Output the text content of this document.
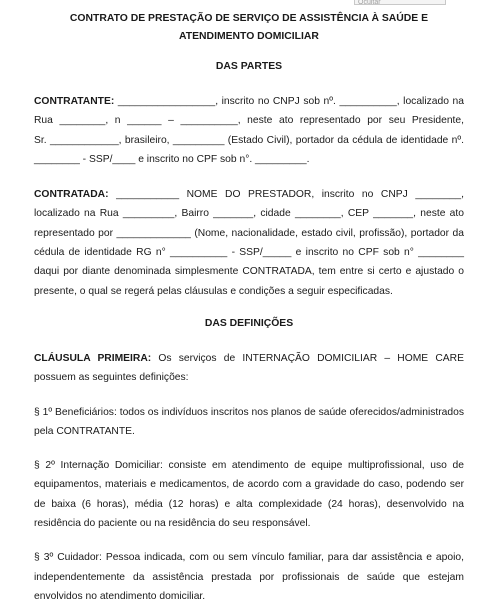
Ocultar
CONTRATO DE PRESTAÇÃO DE SERVIÇO DE ASSISTÊNCIA À SAÚDE E
ATENDIMENTO DOMICILIAR
DAS PARTES

CONTRATANTE: _________________, inscrito no CNPJ sob nº. __________, localizado na
Rua ________, n ______ – __________, neste ato representado por seu Presidente,
Sr. ____________, brasileiro, _________ (Estado Civil), portador da cédula de identidade nº.
________ - SSP/____ e inscrito no CPF sob n°. _________.

CONTRATADA: ___________ NOME DO PRESTADOR, inscrito no CNPJ ________,
localizado na Rua _________, Bairro _______, cidade ________, CEP _______, neste ato
representado por _____________ (Nome, nacionalidade, estado civil, profissão), portador da
cédula de identidade RG n° __________ - SSP/_____ e inscrito no CPF sob n° ________
daqui por diante denominada simplesmente CONTRATADA, tem entre si certo e ajustado o
presente, o qual se regerá pelas cláusulas e condições a seguir especificadas.

DAS DEFINIÇÕES

CLÁUSULA PRIMEIRA: Os serviços de INTERNAÇÃO DOMICILIAR – HOME CARE
possuem as seguintes definições:

§ 1º Beneficiários: todos os indivíduos inscritos nos planos de saúde oferecidos/administrados
pela CONTRATANTE.

§ 2º Internação Domiciliar: consiste em atendimento de equipe multiprofissional, uso de
equipamentos, materiais e medicamentos, de acordo com a gravidade do caso, podendo ser
de baixa (6 horas), média (12 horas) e alta complexidade (24 horas), desenvolvido na
residência do paciente ou na residência do seu responsável.

§ 3º Cuidador: Pessoa indicada, com ou sem vínculo familiar, para dar assistência e apoio,
independentemente da assistência prestada por profissionais de saúde que estejam
envolvidos no atendimento domiciliar.
